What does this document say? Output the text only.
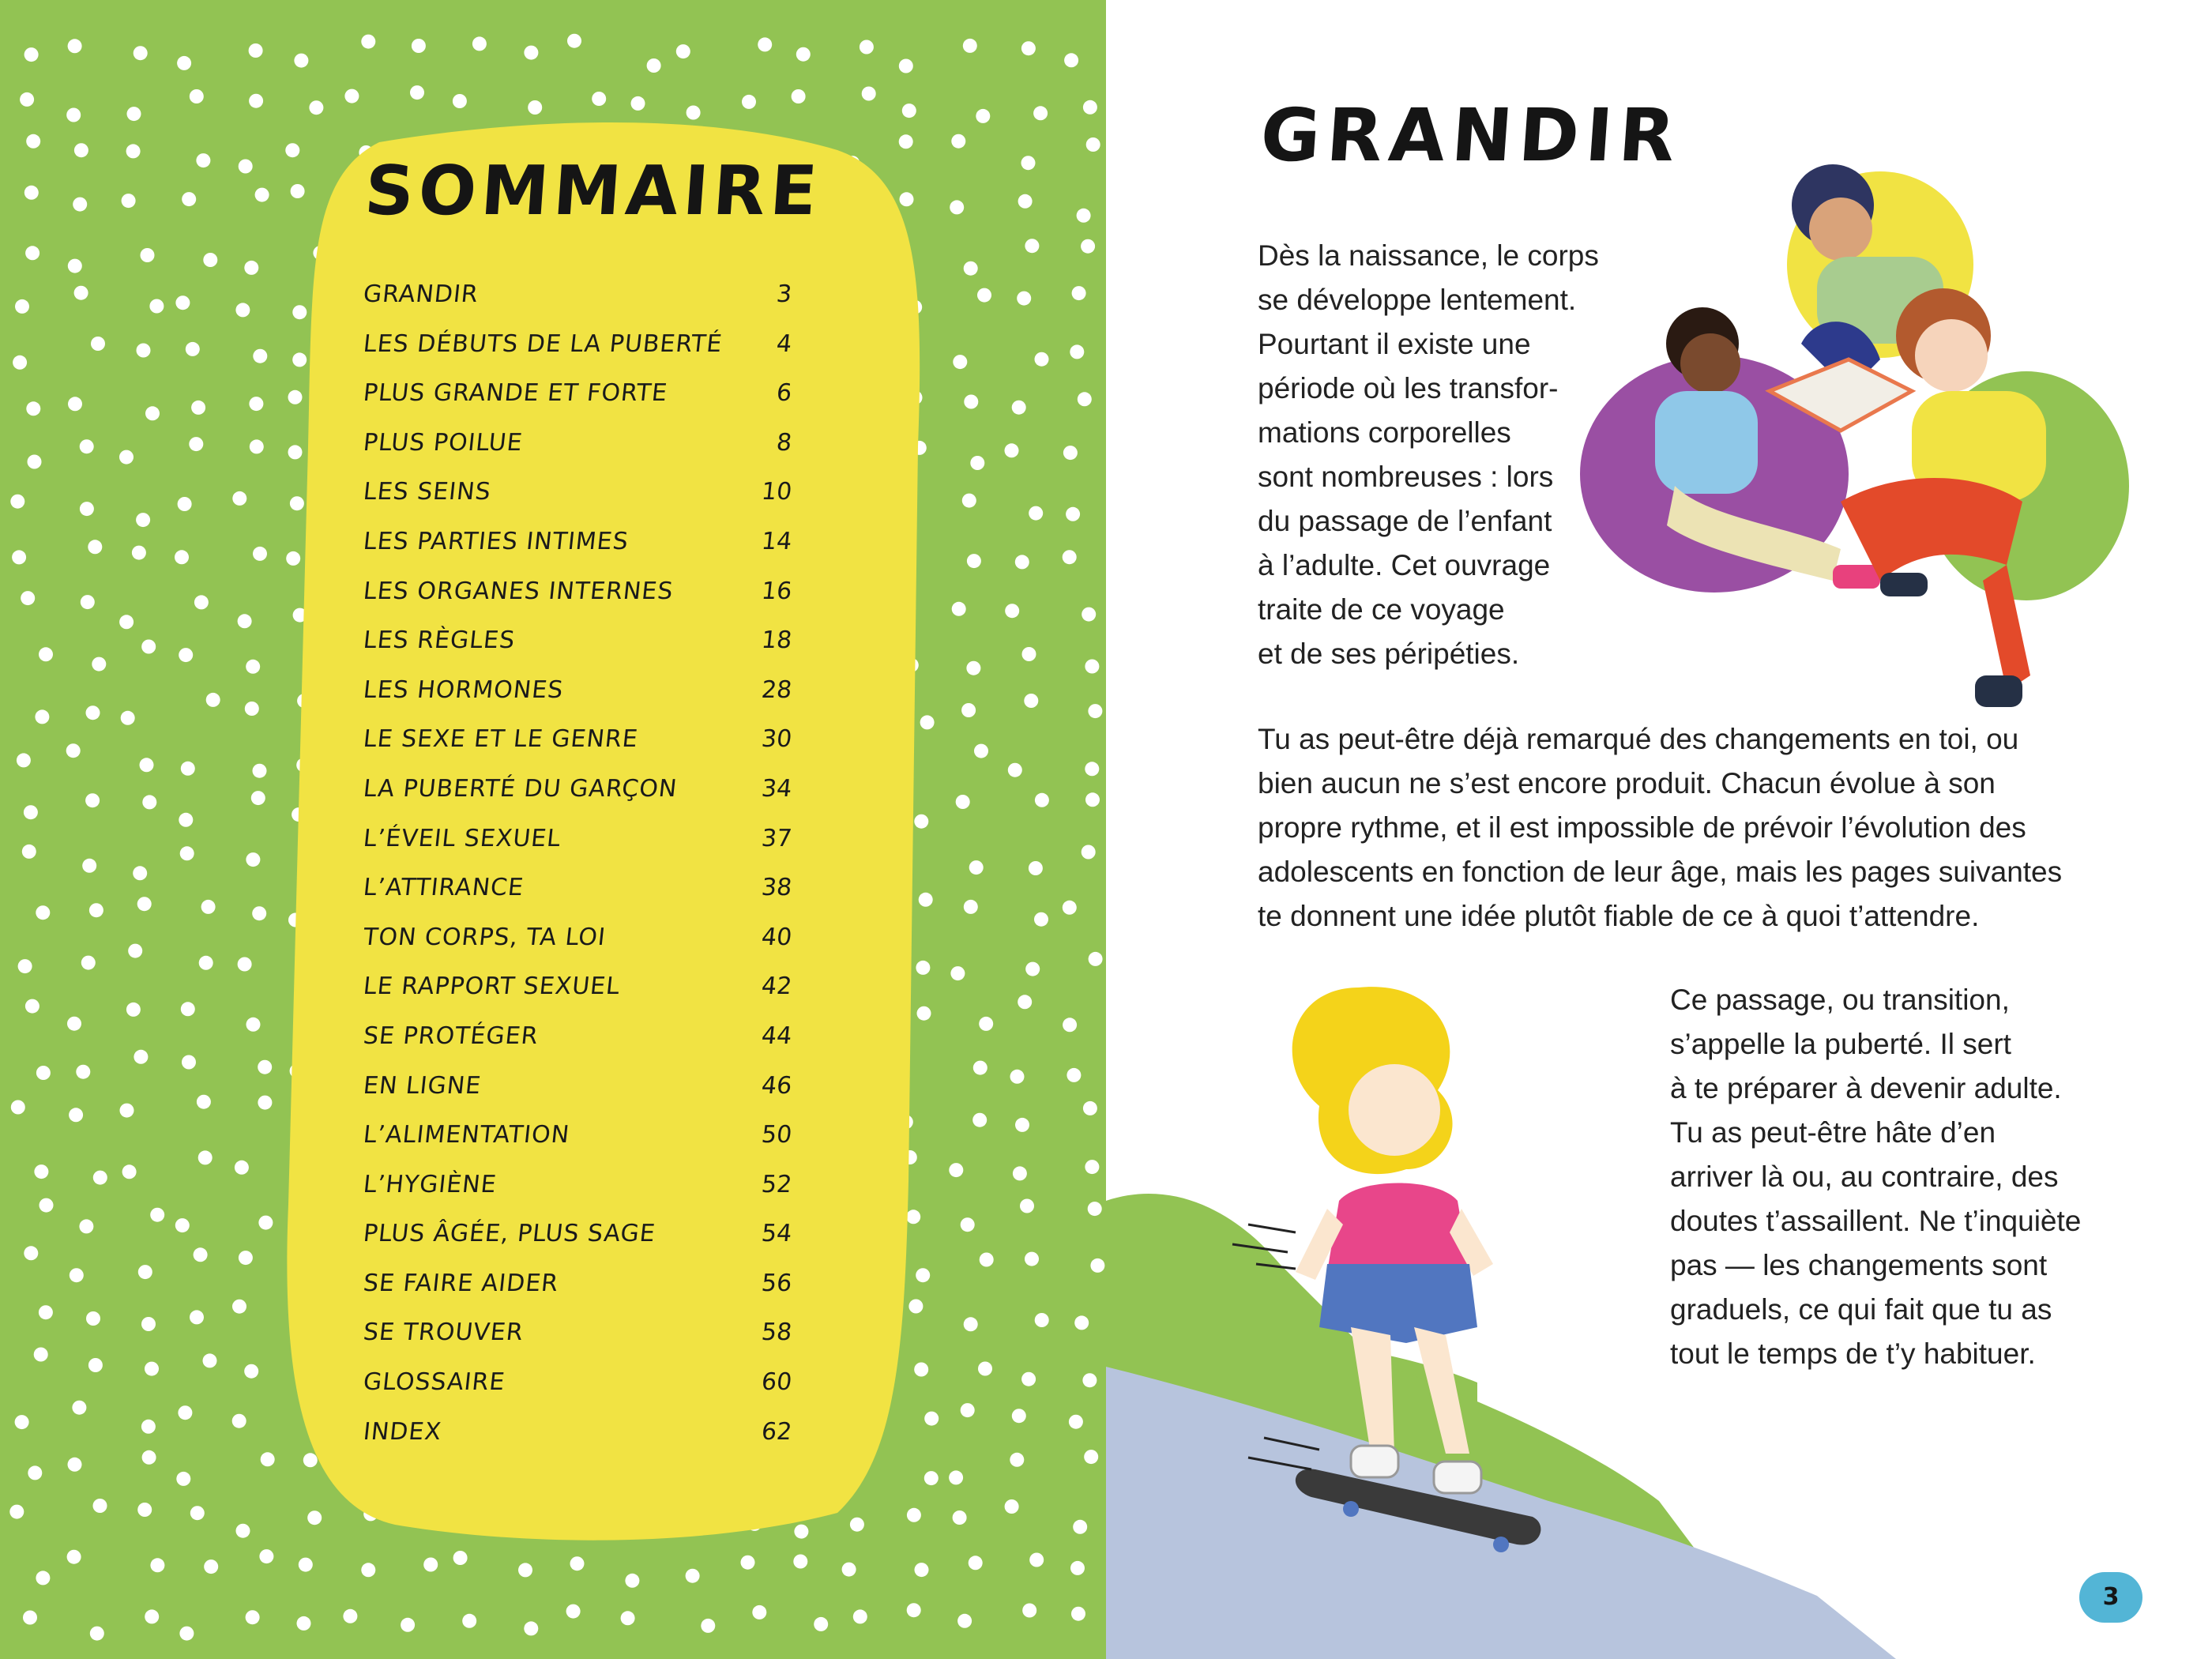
SOMMAIRE
GRANDIR	3
LES DÉBUTS DE LA PUBERTÉ 4
PLUS GRANDE ET FORTE	6
PLUS POILUE	8
LES SEINS	10
LES PARTIES INTIMES	14
LES ORGANES INTERNES	16
LES RÈGLES	18
LES HORMONES	28
LE SEXE ET LE GENRE	30
LA PUBERTÉ DU GARÇON	34
L’ÉVEIL SEXUEL	37
L’ATTIRANCE	38
TON CORPS, TA LOI	40
LE RAPPORT SEXUEL	42
SE PROTÉGER	44
EN LIGNE	46
L’ALIMENTATION	50
L’HYGIÈNE	52
PLUS ÂGÉE, PLUS SAGE	54
SE FAIRE AIDER	56
SE TROUVER	58
GLOSSAIRE	60
INDEX	62
GRANDIR
Dès la naissance, le corps
se développe lentement.
Pourtant il existe une
période où les transfor-
mations corporelles
sont nombreuses : lors
du passage de l’enfant
à l’adulte. Cet ouvrage
traite de ce voyage
et de ses péripéties.
Tu as peut-être déjà remarqué des changements en toi, ou
bien aucun ne s’est encore produit. Chacun évolue à son
propre rythme, et il est impossible de prévoir l’évolution des
adolescents en fonction de leur âge, mais les pages suivantes
te donnent une idée plutôt fiable de ce à quoi t’attendre.
Ce passage, ou transition,
s’appelle la puberté. Il sert
à te préparer à devenir adulte.
Tu as peut-être hâte d’en
arriver là ou, au contraire, des
doutes t’assaillent. Ne t’inquiète
pas — les changements sont
graduels, ce qui fait que tu as
tout le temps de t’y habituer.
3
